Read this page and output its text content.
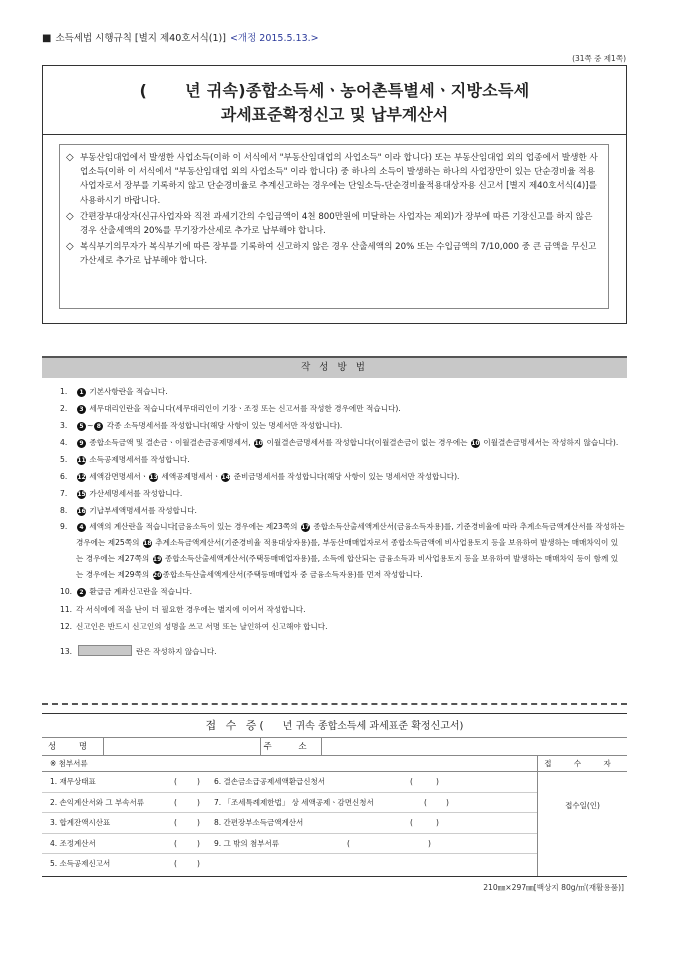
■ 소득세법 시행규칙 [별지 제40호서식(1)] <개정 2015.5.13.>
(31쪽 중 제1쪽)
( 년 귀속)종합소득세ㆍ농어촌특별세ㆍ지방소득세
과세표준확정신고 및 납부계산서
◇ 부동산임대업에서 발생한 사업소득(이하 이 서식에서 "부동산임대업의 사업소득" 이라 합니다) 또는 부동산임대업 외의 업종에서 발생한 사업소득(이하 이 서식에서 "부동산임대업 외의 사업소득" 이라 합니다) 중 하나의 소득이 발생하는 하나의 사업장만이 있는 단순경비율 적용사업자로서 장부를 기록하지 않고 단순경비율로 추계신고하는 경우에는 단일소득-단순경비율적용대상자용 신고서 [별지 제40호서식(4)]를 사용하시기 바랍니다.
◇ 간편장부대상자(신규사업자와 직전 과세기간의 수입금액이 4천 800만원에 미달하는 사업자는 제외)가 장부에 따른 기장신고를 하지 않은 경우 산출세액의 20%를 무기장가산세로 추가로 납부해야 합니다.
◇ 복식부기의무자가 복식부기에 따른 장부를 기록하여 신고하지 않은 경우 산출세액의 20% 또는 수입금액의 7/10,000 중 큰 금액을 무신고가산세로 추가로 납부해야 합니다.
작 성 방 법
1. 1 기본사항란을 적습니다.
2. 3 세무대리인란을 적습니다(세무대리인이 기장ㆍ조정 또는 신고서를 작성한 경우에만 적습니다).
3. 5 ~ 8 각종 소득명세서를 작성합니다(해당 사항이 있는 명세서만 작성합니다).
4. 9 종합소득금액 및 결손금ㆍ이월결손금공제명세서, 10 이월결손금명세서를 작성합니다(이월결손금이 없는 경우에는 10 이월결손금명세서는 작성하지 않습니다).
5. 11 소득공제명세서를 작성합니다.
6. 12 세액감면명세서ㆍ13 세액공제명세서ㆍ14 준비금명세서를 작성합니다(해당 사항이 있는 명세서만 작성합니다).
7. 15 가산세명세서를 작성합니다.
8. 16 기납부세액명세서를 작성합니다.
9. 4 세액의 계산란을 적습니다[금융소득이 있는 경우에는 제23쪽의 17 종합소득산출세액계산서(금융소득자용)를, 기준경비율에 따라 추계소득금액계산서를 작성하는 경우에는 제25쪽의 18 추계소득금액계산서(기준경비율 적용대상자용)를, 부동산매매업자로서 종합소득금액에 비사업용토지 등을 보유하여 발생하는 매매차익이 있는 경우에는 제27쪽의 19 종합소득산출세액계산서(주택등매매업자용)를, 소득에 합산되는 금융소득과 비사업용토지 등을 보유하여 발생하는 매매차익 등이 함께 있는 경우에는 제29쪽의 20종합소득산출세액계산서(주택등매매업자 중 금융소득자용)를 먼저 작성합니다.
10. 2 환급금 계좌신고란을 적습니다.
11. 각 서식에에 적을 난이 더 필요한 경우에는 별지에 이어서 작성합니다.
12. 신고인은 반드시 신고인의 성명을 쓰고 서명 또는 날인하여 신고해야 합니다.
13.	란은 작성하지 않습니다.
접 수 증( 년 귀속 종합소득세 과세표준 확정신고서)
성 명	주 소
※ 첨부서류
1. 재무상태표	(	) 6. 결손금소급공제세액환급신청서	(	)
2. 손익계산서와 그 부속서류	(	) 7. 「조세특례제한법」 상 세액공제ㆍ감면신청서	(	)
3. 합계잔액시산표	(	) 8. 간편장부소득금액계산서	(	)
4. 조정계산서	(	) 9. 그 밖의 첨부서류	(	)
5. 소득공제신고서	(	)
접 수 자
접수일(인)
210㎜×297㎜[백상지 80g/㎡(재활용품)]
